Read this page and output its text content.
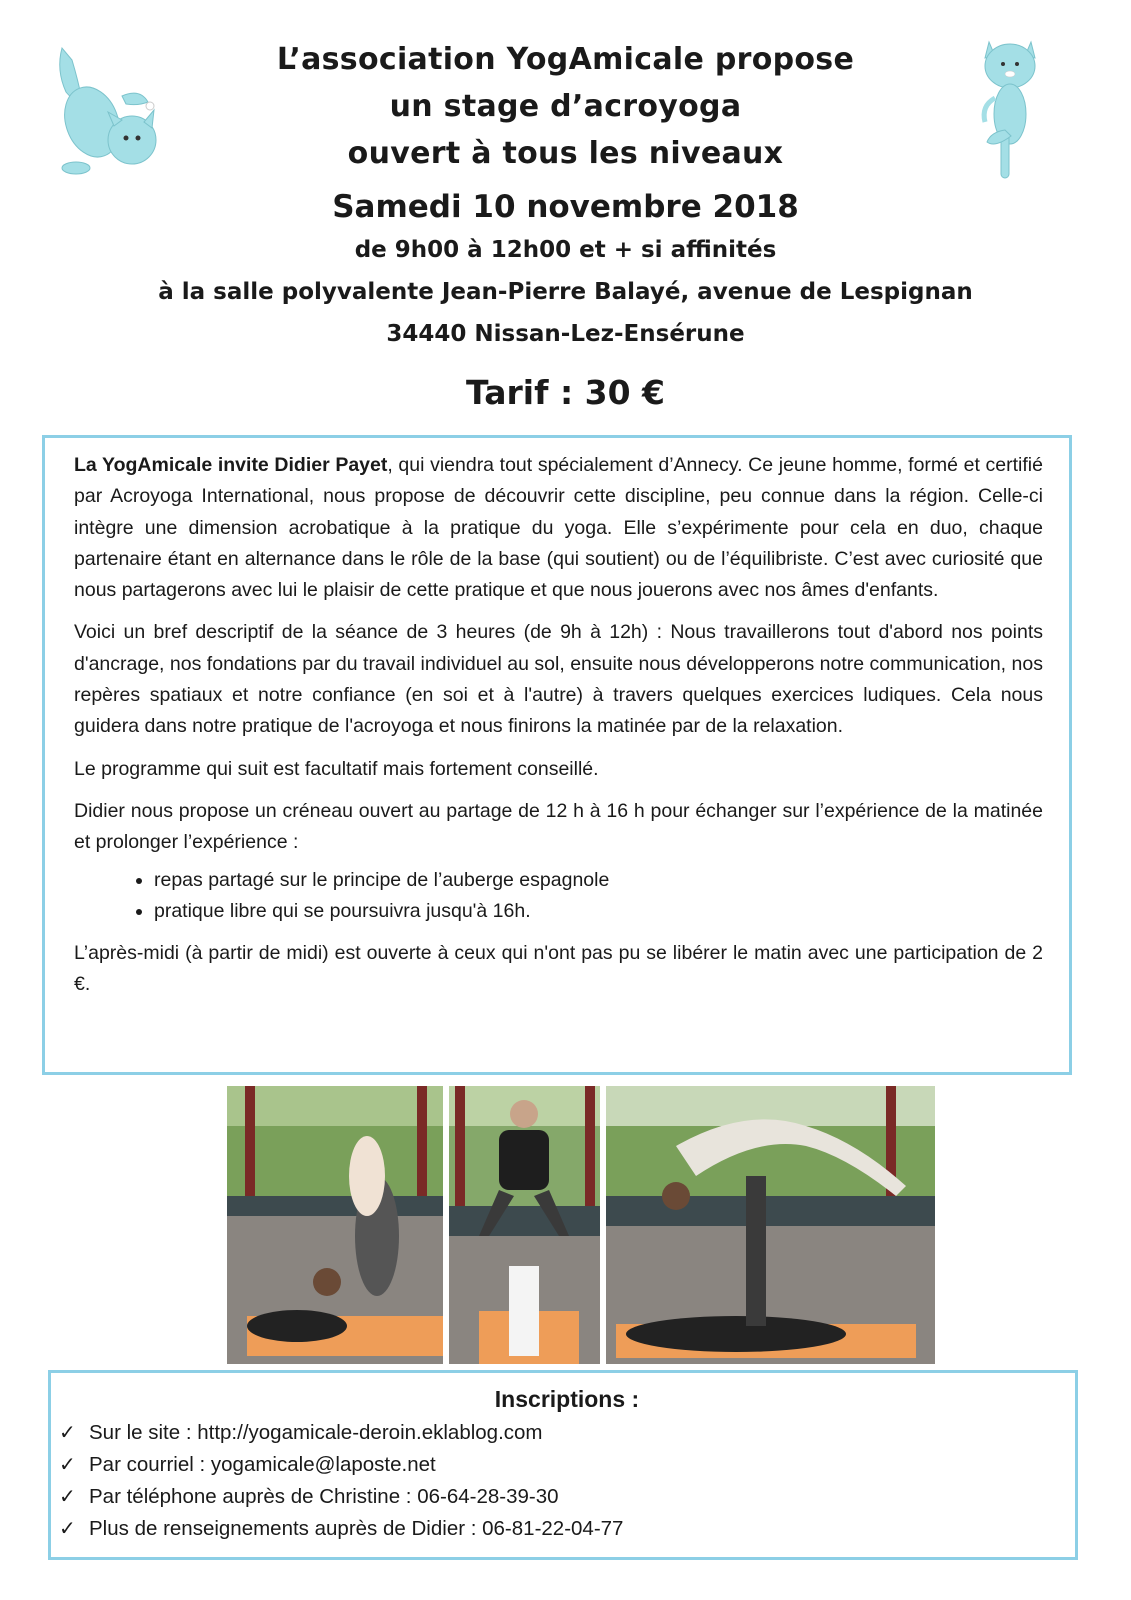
L’association YogAmicale propose
un stage d’acroyoga
ouvert à tous les niveaux
Samedi 10 novembre 2018
de 9h00 à 12h00 et + si affinités
à la salle polyvalente Jean-Pierre Balayé, avenue de Lespignan
34440 Nissan-Lez-Ensérune
Tarif : 30 €

La YogAmicale invite Didier Payet, qui viendra tout spécialement d’Annecy. Ce jeune homme, formé et certifié par Acroyoga International, nous propose de découvrir cette discipline, peu connue dans la région. Celle-ci intègre une dimension acrobatique à la pratique du yoga. Elle s’expérimente pour cela en duo, chaque partenaire étant en alternance dans le rôle de la base (qui soutient) ou de l’équilibriste. C’est avec curiosité que nous partagerons avec lui le plaisir de cette pratique et que nous jouerons avec nos âmes d'enfants.

Voici un bref descriptif de la séance de 3 heures (de 9h à 12h) : Nous travaillerons tout d'abord nos points d'ancrage, nos fondations par du travail individuel au sol, ensuite nous développerons notre communication, nos repères spatiaux et notre confiance (en soi et à l'autre) à travers quelques exercices ludiques. Cela nous guidera dans notre pratique de l'acroyoga et nous finirons la matinée par de la relaxation.

Le programme qui suit est facultatif mais fortement conseillé.

Didier nous propose un créneau ouvert au partage de 12 h à 16 h pour échanger sur l’expérience de la matinée et prolonger l’expérience :

• repas partagé sur le principe de l’auberge espagnole
• pratique libre qui se poursuivra jusqu'à 16h.

L’après-midi (à partir de midi) est ouverte à ceux qui n'ont pas pu se libérer le matin avec une participation de 2 €.

Inscriptions :
✓ Sur le site : http://yogamicale-deroin.eklablog.com
✓ Par courriel : yogamicale@laposte.net
✓ Par téléphone auprès de Christine : 06-64-28-39-30
✓ Plus de renseignements auprès de Didier : 06-81-22-04-77
